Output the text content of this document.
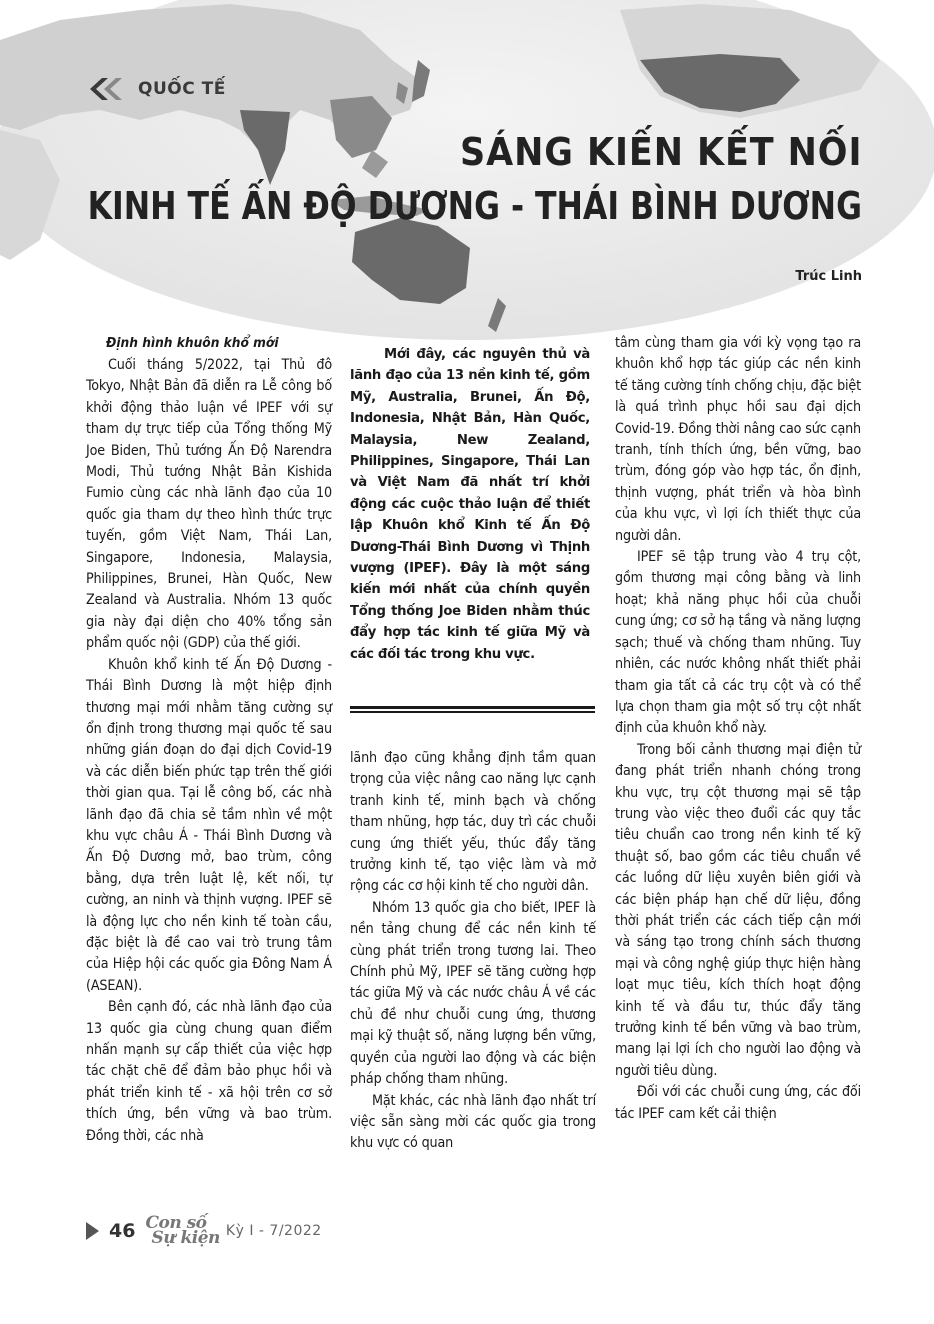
QUỐC TẾ
SÁNG KIẾN KẾT NỐI
KINH TẾ ẤN ĐỘ DƯƠNG - THÁI BÌNH DƯƠNG
Trúc Linh
Định hình khuôn khổ mới

Cuối tháng 5/2022, tại Thủ đô Tokyo, Nhật Bản đã diễn ra Lễ công bố khởi động thảo luận về IPEF với sự tham dự trực tiếp của Tổng thống Mỹ Joe Biden, Thủ tướng Ấn Độ Narendra Modi, Thủ tướng Nhật Bản Kishida Fumio cùng các nhà lãnh đạo của 10 quốc gia tham dự theo hình thức trực tuyến, gồm Việt Nam, Thái Lan, Singapore, Indonesia, Malaysia, Philippines, Brunei, Hàn Quốc, New Zealand và Australia. Nhóm 13 quốc gia này đại diện cho 40% tổng sản phẩm quốc nội (GDP) của thế giới.

Khuôn khổ kinh tế Ấn Độ Dương - Thái Bình Dương là một hiệp định thương mại mới nhằm tăng cường sự ổn định trong thương mại quốc tế sau những gián đoạn do đại dịch Covid-19 và các diễn biến phức tạp trên thế giới thời gian qua. Tại lễ công bố, các nhà lãnh đạo đã chia sẻ tầm nhìn về một khu vực châu Á - Thái Bình Dương và Ấn Độ Dương mở, bao trùm, công bằng, dựa trên luật lệ, kết nối, tự cường, an ninh và thịnh vượng. IPEF sẽ là động lực cho nền kinh tế toàn cầu, đặc biệt là đề cao vai trò trung tâm của Hiệp hội các quốc gia Đông Nam Á (ASEAN).

Bên cạnh đó, các nhà lãnh đạo của 13 quốc gia cùng chung quan điểm nhấn mạnh sự cấp thiết của việc hợp tác chặt chẽ để đảm bảo phục hồi và phát triển kinh tế - xã hội trên cơ sở thích ứng, bền vững và bao trùm. Đồng thời, các nhà

Mới đây, các nguyên thủ và lãnh đạo của 13 nền kinh tế, gồm Mỹ, Australia, Brunei, Ấn Độ, Indonesia, Nhật Bản, Hàn Quốc, Malaysia, New Zealand, Philippines, Singapore, Thái Lan và Việt Nam đã nhất trí khởi động các cuộc thảo luận để thiết lập Khuôn khổ Kinh tế Ấn Độ Dương-Thái Bình Dương vì Thịnh vượng (IPEF). Đây là một sáng kiến mới nhất của chính quyền Tổng thống Joe Biden nhằm thúc đẩy hợp tác kinh tế giữa Mỹ và các đối tác trong khu vực.

lãnh đạo cũng khẳng định tầm quan trọng của việc nâng cao năng lực cạnh tranh kinh tế, minh bạch và chống tham nhũng, hợp tác, duy trì các chuỗi cung ứng thiết yếu, thúc đẩy tăng trưởng kinh tế, tạo việc làm và mở rộng các cơ hội kinh tế cho người dân.

Nhóm 13 quốc gia cho biết, IPEF là nền tảng chung để các nền kinh tế cùng phát triển trong tương lai. Theo Chính phủ Mỹ, IPEF sẽ tăng cường hợp tác giữa Mỹ và các nước châu Á về các chủ đề như chuỗi cung ứng, thương mại kỹ thuật số, năng lượng bền vững, quyền của người lao động và các biện pháp chống tham nhũng.

Mặt khác, các nhà lãnh đạo nhất trí việc sẵn sàng mời các quốc gia trong khu vực có quan

tâm cùng tham gia với kỳ vọng tạo ra khuôn khổ hợp tác giúp các nền kinh tế tăng cường tính chống chịu, đặc biệt là quá trình phục hồi sau đại dịch Covid-19. Đồng thời nâng cao sức cạnh tranh, tính thích ứng, bền vững, bao trùm, đóng góp vào hợp tác, ổn định, thịnh vượng, phát triển và hòa bình của khu vực, vì lợi ích thiết thực của người dân.

IPEF sẽ tập trung vào 4 trụ cột, gồm thương mại công bằng và linh hoạt; khả năng phục hồi của chuỗi cung ứng; cơ sở hạ tầng và năng lượng sạch; thuế và chống tham nhũng. Tuy nhiên, các nước không nhất thiết phải tham gia tất cả các trụ cột và có thể lựa chọn tham gia một số trụ cột nhất định của khuôn khổ này.

Trong bối cảnh thương mại điện tử đang phát triển nhanh chóng trong khu vực, trụ cột thương mại sẽ tập trung vào việc theo đuổi các quy tắc tiêu chuẩn cao trong nền kinh tế kỹ thuật số, bao gồm các tiêu chuẩn về các luồng dữ liệu xuyên biên giới và các biện pháp hạn chế dữ liệu, đồng thời phát triển các cách tiếp cận mới và sáng tạo trong chính sách thương mại và công nghệ giúp thực hiện hàng loạt mục tiêu, kích thích hoạt động kinh tế và đầu tư, thúc đẩy tăng trưởng kinh tế bền vững và bao trùm, mang lại lợi ích cho người lao động và người tiêu dùng.

Đối với các chuỗi cung ứng, các đối tác IPEF cam kết cải thiện

46 Con số
Sự kiện Kỳ I - 7/2022
